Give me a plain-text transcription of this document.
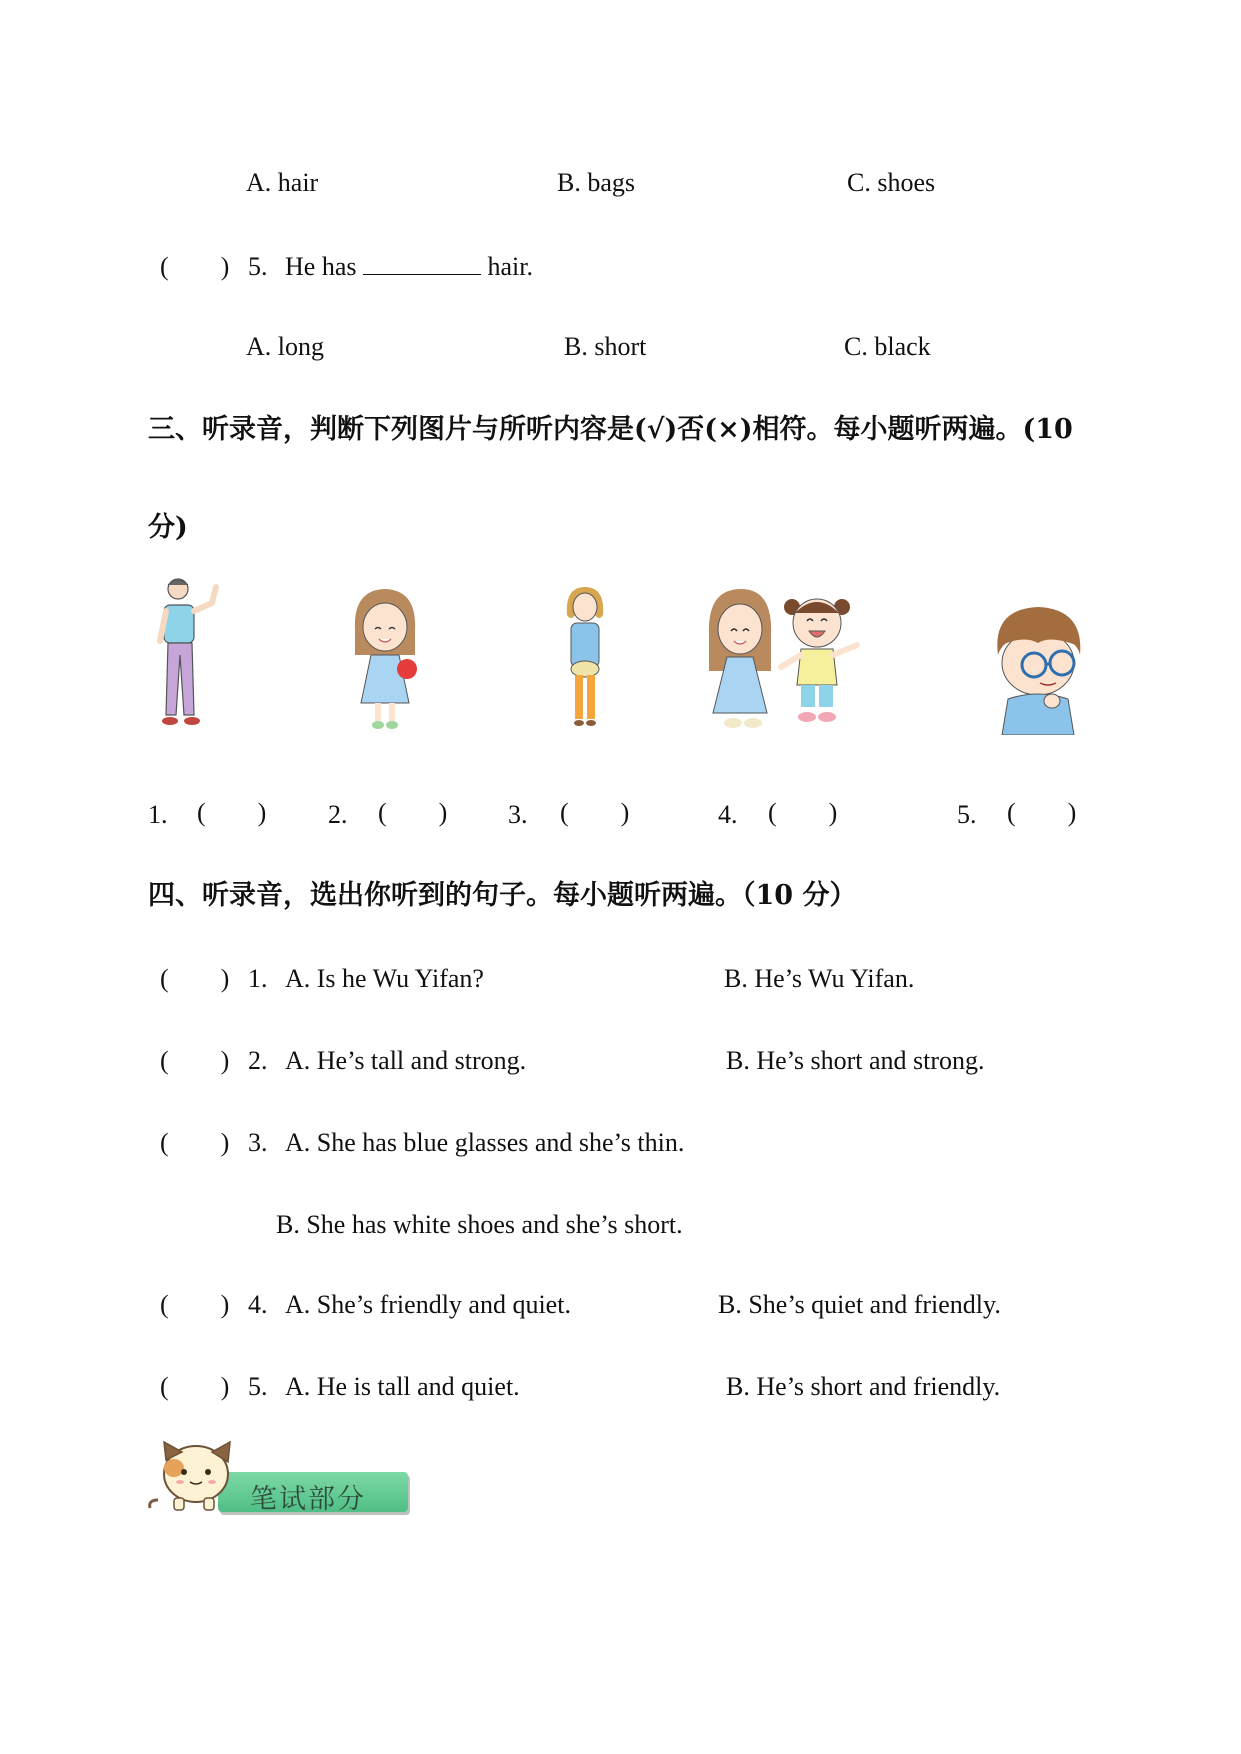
A. hair	B. bags	C. shoes
(　　) 5. He has	hair.
A. long	B. short	C. black
三、听录音，判断下列图片与所听内容是(√)否(×)相符。每小题听两遍。(10
分)
1. (　　) 2. (　　) 3. (　　)	4. (　　)	5. (　　)
四、听录音，选出你听到的句子。每小题听两遍。（10 分）
(　　) 1. A. Is he Wu Yifan?	B. He’s Wu Yifan.
(　　) 2. A. He’s tall and strong.	B. He’s short and strong.
(　　) 3. A. She has blue glasses and she’s thin.
B. She has white shoes and she’s short.
(　　) 4. A. She’s friendly and quiet.	B. She’s quiet and friendly.
(　　) 5. A. He is tall and quiet.	B. He’s short and friendly.
笔试部分
